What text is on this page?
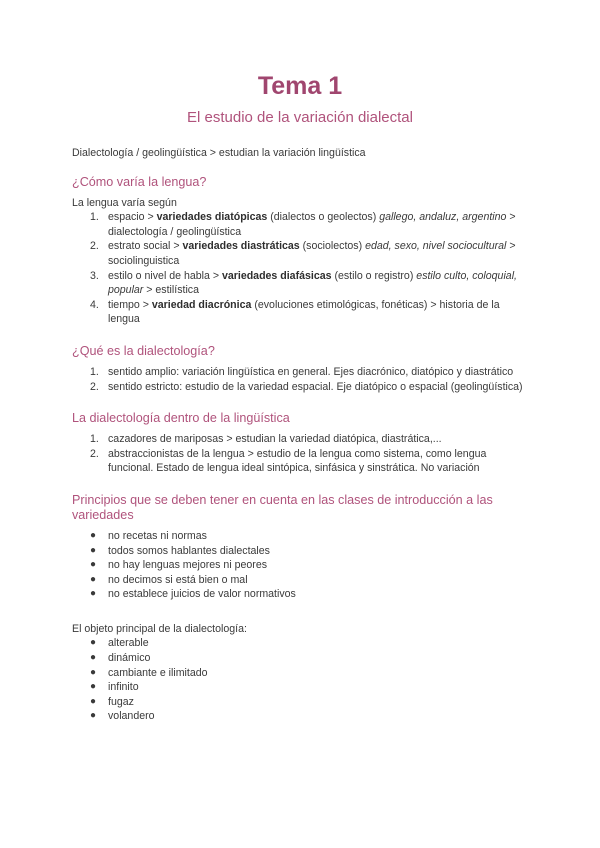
Tema 1
El estudio de la variación dialectal

Dialectología / geolingüística > estudian la variación lingüística

¿Cómo varía la lengua?

La lengua varía según

1. espacio > variedades diatópicas (dialectos o geolectos) gallego, andaluz, argentino > dialectología / geolingüística
2. estrato social > variedades diastráticas (sociolectos) edad, sexo, nivel sociocultural > sociolinguistica
3. estilo o nivel de habla > variedades diafásicas (estilo o registro) estilo culto, coloquial, popular > estilística
4. tiempo > variedad diacrónica (evoluciones etimológicas, fonéticas) > historia de la lengua
¿Qué es la dialectología?
1. sentido amplio: variación lingüística en general. Ejes diacrónico, diatópico y diastrático
2. sentido estricto: estudio de la variedad espacial. Eje diatópico o espacial (geolingüística)
La dialectología dentro de la lingüística
1. cazadores de mariposas > estudian la variedad diatópica, diastrática,...
2. abstraccionistas de la lengua > estudio de la lengua como sistema, como lengua funcional. Estado de lengua ideal sintópica, sinfásica y sinstrática. No variación
Principios que se deben tener en cuenta en las clases de introducción a las variedades
● no recetas ni normas
● todos somos hablantes dialectales
● no hay lenguas mejores ni peores
● no decimos si está bien o mal
● no establece juicios de valor normativos

El objeto principal de la dialectología:

● alterable
● dinámico
● cambiante e ilimitado
● infinito
● fugaz
● volandero
